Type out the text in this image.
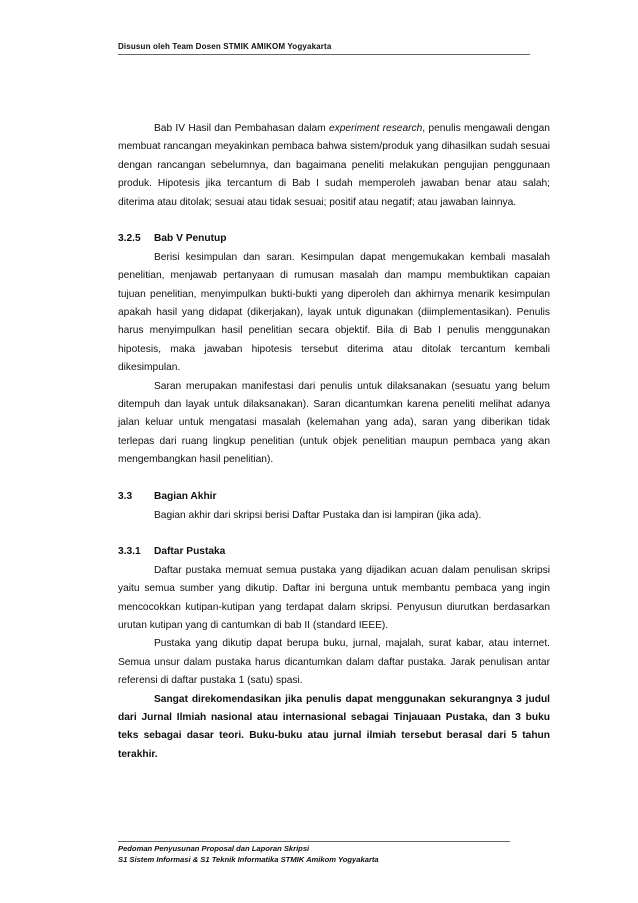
Disusun oleh Team Dosen STMIK AMIKOM Yogyakarta

Bab IV Hasil dan Pembahasan dalam experiment research, penulis mengawali dengan membuat rancangan meyakinkan pembaca bahwa sistem/produk yang dihasilkan sudah sesuai dengan rancangan sebelumnya, dan bagaimana peneliti melakukan pengujian penggunaan produk. Hipotesis jika tercantum di Bab I sudah memperoleh jawaban benar atau salah; diterima atau ditolak; sesuai atau tidak sesuai; positif atau negatif; atau jawaban lainnya.

3.2.5	Bab V Penutup

Berisi kesimpulan dan saran. Kesimpulan dapat mengemukakan kembali masalah penelitian, menjawab pertanyaan di rumusan masalah dan mampu membuktikan capaian tujuan penelitian, menyimpulkan bukti-bukti yang diperoleh dan akhirnya menarik kesimpulan apakah hasil yang didapat (dikerjakan), layak untuk digunakan (diimplementasikan). Penulis harus menyimpulkan hasil penelitian secara objektif. Bila di Bab I penulis menggunakan hipotesis, maka jawaban hipotesis tersebut diterima atau ditolak tercantum kembali dikesimpulan.

Saran merupakan manifestasi dari penulis untuk dilaksanakan (sesuatu yang belum ditempuh dan layak untuk dilaksanakan). Saran dicantumkan karena peneliti melihat adanya jalan keluar untuk mengatasi masalah (kelemahan yang ada), saran yang diberikan tidak terlepas dari ruang lingkup penelitian (untuk objek penelitian maupun pembaca yang akan mengembangkan hasil penelitian).

3.3	Bagian Akhir

Bagian akhir dari skripsi berisi Daftar Pustaka dan isi lampiran (jika ada).

3.3.1	Daftar Pustaka

Daftar pustaka memuat semua pustaka yang dijadikan acuan dalam penulisan skripsi yaitu semua sumber yang dikutip. Daftar ini berguna untuk membantu pembaca yang ingin mencocokkan kutipan-kutipan yang terdapat dalam skripsi. Penyusun diurutkan berdasarkan urutan kutipan yang di cantumkan di bab II (standard IEEE).

Pustaka yang dikutip dapat berupa buku, jurnal, majalah, surat kabar, atau internet. Semua unsur dalam pustaka harus dicantumkan dalam daftar pustaka. Jarak penulisan antar referensi di daftar pustaka 1 (satu) spasi.

Sangat direkomendasikan jika penulis dapat menggunakan sekurangnya 3 judul dari Jurnal Ilmiah nasional atau internasional sebagai Tinjauaan Pustaka, dan 3 buku teks sebagai dasar teori. Buku-buku atau jurnal ilmiah tersebut berasal dari 5 tahun terakhir.

Pedoman Penyusunan Proposal dan Laporan Skripsi
S1 Sistem Informasi & S1 Teknik Informatika STMIK Amikom Yogyakarta
